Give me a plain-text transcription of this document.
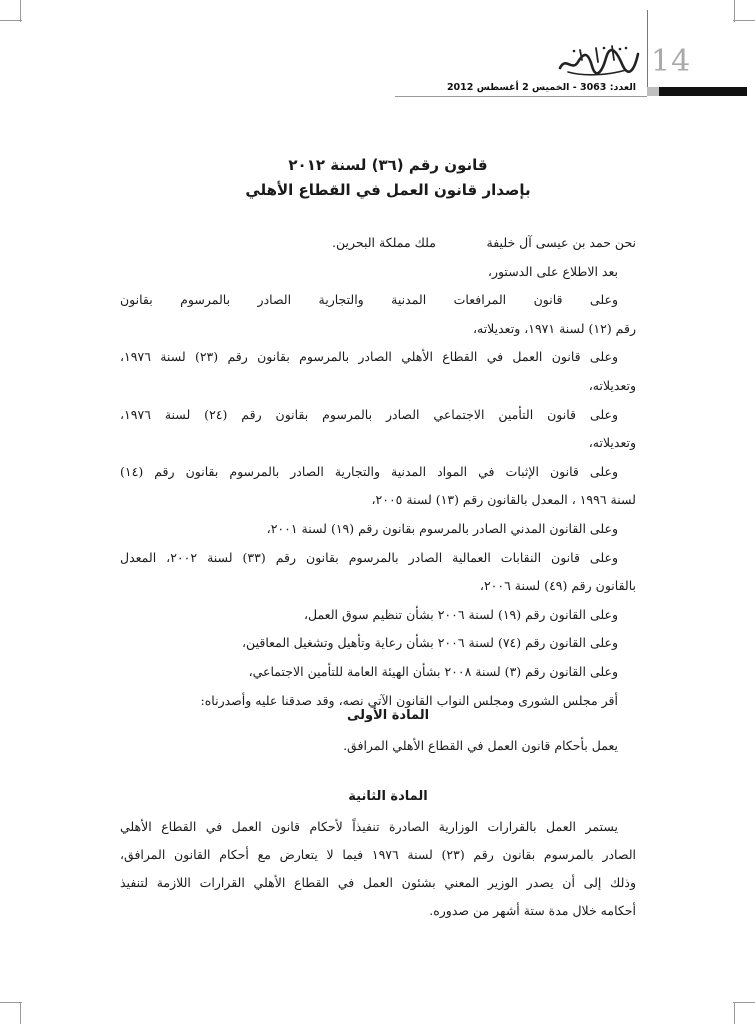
14
العدد: 3063 - الخميس 2 أغسطس 2012
قانون رقم (٣٦) لسنة ٢٠١٢
بإصدار قانون العمل في القطاع الأهلي
نحن حمد بن عيسى آل خليفة
ملك مملكة البحرين.

بعد الاطلاع على الدستور،

وعلى قانون المرافعات المدنية والتجارية الصادر بالمرسوم بقانون

رقم (١٢) لسنة ١٩٧١، وتعديلاته،

وعلى قانون العمل في القطاع الأهلي الصادر بالمرسوم بقانون رقم (٢٣) لسنة ١٩٧٦،

وتعديلاته،

وعلى قانون التأمين الاجتماعي الصادر بالمرسوم بقانون رقم (٢٤) لسنة ١٩٧٦،

وتعديلاته،

وعلى قانون الإثبات في المواد المدنية والتجارية الصادر بالمرسوم بقانون رقم (١٤)

لسنة ١٩٩٦ ، المعدل بالقانون رقم (١٣) لسنة ٢٠٠٥،

وعلى القانون المدني الصادر بالمرسوم بقانون رقم (١٩) لسنة ٢٠٠١،

وعلى قانون النقابات العمالية الصادر بالمرسوم بقانون رقم (٣٣) لسنة ٢٠٠٢، المعدل

بالقانون رقم (٤٩) لسنة ٢٠٠٦،

وعلى القانون رقم (١٩) لسنة ٢٠٠٦ بشأن تنظيم سوق العمل،

وعلى القانون رقم (٧٤) لسنة ٢٠٠٦ بشأن رعاية وتأهيل وتشغيل المعاقين،

وعلى القانون رقم (٣) لسنة ٢٠٠٨ بشأن الهيئة العامة للتأمين الاجتماعي،

أقر مجلس الشورى ومجلس النواب القانون الآتي نصه، وقد صدقنا عليه وأصدرناه:

المادة الأولى

يعمل بأحكام قانون العمل في القطاع الأهلي المرافق.

المادة الثانية

يستمر العمل بالقرارات الوزارية الصادرة تنفيذاً لأحكام قانون العمل في القطاع الأهلي

الصادر بالمرسوم بقانون رقم (٢٣) لسنة ١٩٧٦ فيما لا يتعارض مع أحكام القانون المرافق،

وذلك إلى أن يصدر الوزير المعني بشئون العمل في القطاع الأهلي القرارات اللازمة لتنفيذ

أحكامه خلال مدة ستة أشهر من صدوره.
